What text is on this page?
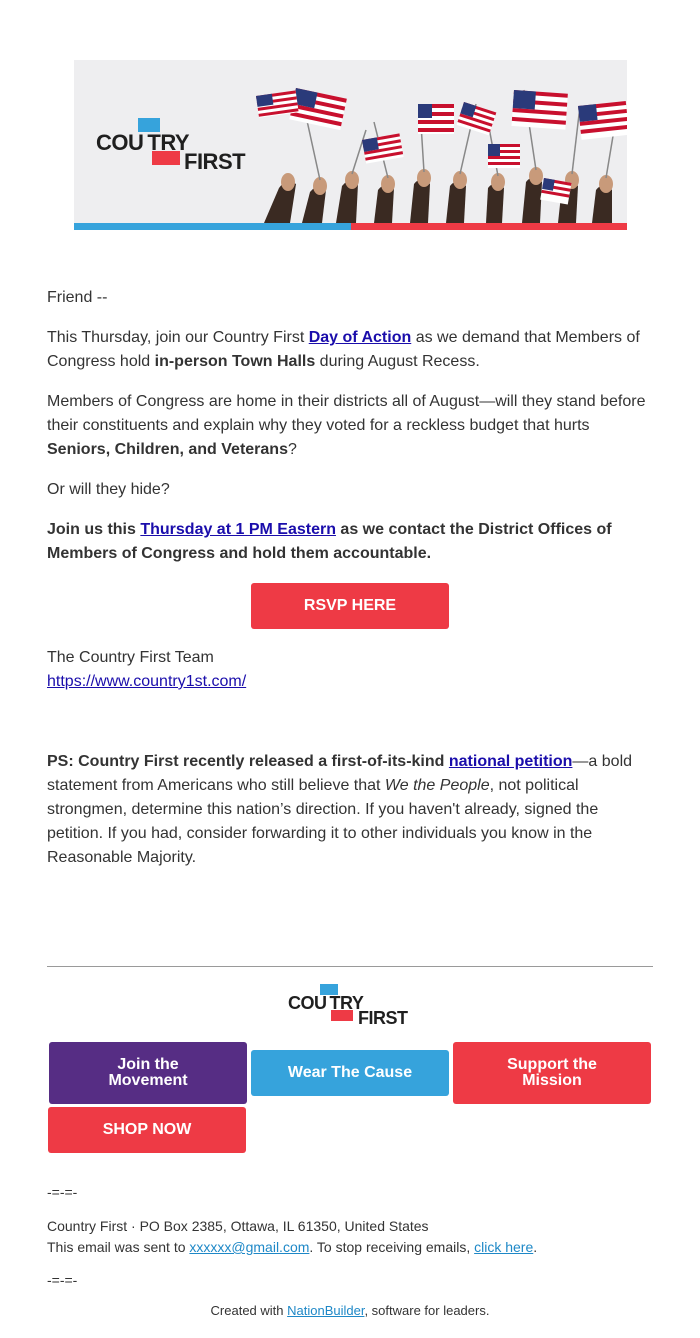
COU TRY
FIRST

Friend --

This Thursday, join our Country First Day of Action as we demand that Members of Congress hold in-person Town Halls during August Recess.

Members of Congress are home in their districts all of August—will they stand before their constituents and explain why they voted for a reckless budget that hurts Seniors, Children, and Veterans?

Or will they hide?

Join us this Thursday at 1 PM Eastern as we contact the District Offices of Members of Congress and hold them accountable.

RSVP HERE

The Country First Team

https://www.country1st.com/

PS: Country First recently released a first-of-its-kind national petition—a bold statement from Americans who still believe that We the People, not political strongmen, determine this nation’s direction. If you haven't already, signed the petition. If you had, consider forwarding it to other individuals you know in the Reasonable Majority.

COU TRY
FIRST
Join the Movement	Wear The Cause	Support the Mission
SHOP NOW
-=-=-
Country First · PO Box 2385, Ottawa, IL 61350, United States
This email was sent to xxxxxx@gmail.com. To stop receiving emails, click here.
-=-=-
Created with NationBuilder, software for leaders.
